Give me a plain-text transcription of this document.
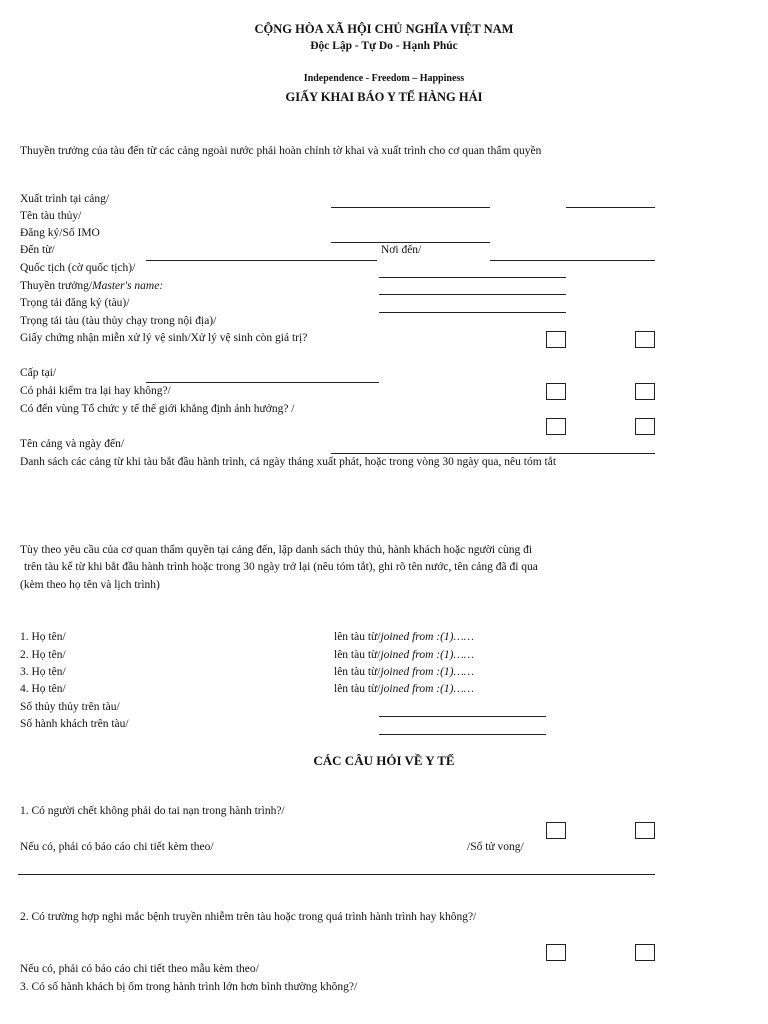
CỘNG HÒA XÃ HỘI CHỦ NGHĨA VIỆT NAM
Độc Lập - Tự Do - Hạnh Phúc
Independence - Freedom – Happiness
GIẤY KHAI BÁO Y TẾ HÀNG HẢI
Thuyền trưởng của tàu đến từ các cảng ngoài nước phải hoàn chỉnh tờ khai và xuất trình cho cơ quan thẩm quyền
Xuất trình tại cảng/
Tên tàu thủy/
Đăng ký/Số IMO
Đến từ/	Nơi đến/
Quốc tịch (cờ quốc tịch)/
Thuyền trưởng/Master's name:
Trọng tải đăng ký (tàu)/
Trọng tải tàu (tàu thủy chạy trong nội địa)/
Giấy chứng nhận miễn xử lý vệ sinh/Xử lý vệ sinh còn giá trị?
Cấp tại/
Có phải kiểm tra lại hay không?/
Có đến vùng Tổ chức y tế thế giới khẳng định ảnh hưởng? /
Tên cảng và ngày đến/
Danh sách các cảng từ khi tàu bắt đầu hành trình, cả ngày tháng xuất phát, hoặc trong vòng 30 ngày qua, nêu tóm tắt
Tùy theo yêu cầu của cơ quan thẩm quyền tại cảng đến, lập danh sách thủy thủ, hành khách hoặc người cùng đi
trên tàu kể từ khi bắt đầu hành trình hoặc trong 30 ngày trở lại (nêu tóm tắt), ghi rõ tên nước, tên cảng đã đi qua
(kèm theo họ tên và lịch trình)
1. Họ tên/	lên tàu từ/joined from :(1)……
2. Họ tên/	lên tàu từ/joined from :(1)……
3. Họ tên/	lên tàu từ/joined from :(1)……
4. Họ tên/	lên tàu từ/joined from :(1)……
Số thủy thủy trên tàu/
Số hành khách trên tàu/
CÁC CÂU HỎI VỀ Y TẾ
1. Có người chết không phải do tai nạn trong hành trình?/
Nếu có, phải có báo cáo chi tiết kèm theo/	/Số tử vong/
2. Có trường hợp nghi mắc bệnh truyền nhiễm trên tàu hoặc trong quá trình hành trình hay không?/
Nếu có, phải có báo cáo chi tiết theo mẫu kèm theo/
3. Có số hành khách bị ốm trong hành trình lớn hơn bình thường không?/
